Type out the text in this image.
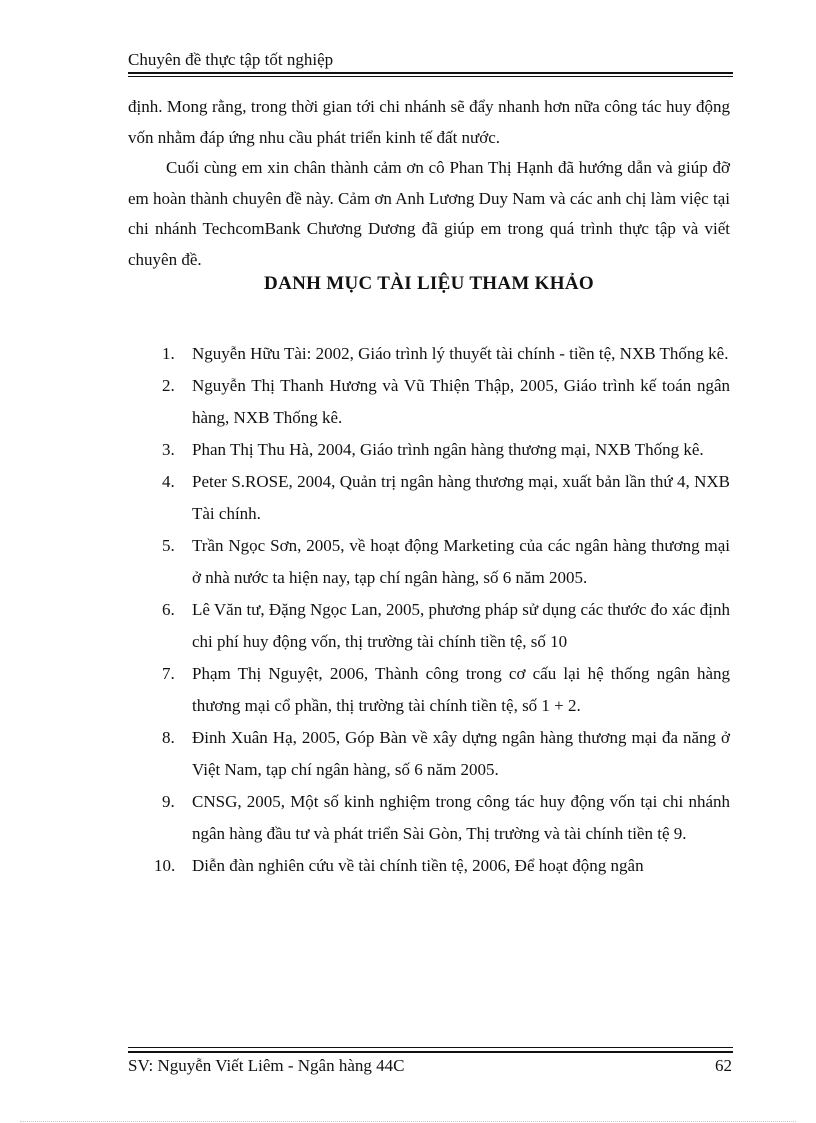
Chuyên đề thực tập tốt nghiệp

định. Mong rằng, trong thời gian tới chi nhánh sẽ đẩy nhanh hơn nữa công tác huy động vốn nhằm đáp ứng nhu cầu phát triển kinh tế đất nước.

Cuối cùng em xin chân thành cảm ơn cô Phan Thị Hạnh đã hướng dẫn và giúp đỡ em hoàn thành chuyên đề này. Cảm ơn Anh Lương Duy Nam và các anh chị làm việc tại chi nhánh TechcomBank Chương Dương đã giúp em trong quá trình thực tập và viết chuyên đề.

DANH MỤC TÀI LIỆU THAM KHẢO
1. Nguyễn Hữu Tài: 2002, Giáo trình lý thuyết tài chính - tiền tệ, NXB Thống kê.
2. Nguyễn Thị Thanh Hương và Vũ Thiện Thập, 2005, Giáo trình kế toán ngân hàng, NXB Thống kê.
3. Phan Thị Thu Hà, 2004, Giáo trình ngân hàng thương mại, NXB Thống kê.
4. Peter S.ROSE, 2004, Quản trị ngân hàng thương mại, xuất bản lần thứ 4, NXB Tài chính.
5. Trần Ngọc Sơn, 2005, về hoạt động Marketing của các ngân hàng thương mại ở nhà nước ta hiện nay, tạp chí ngân hàng, số 6 năm 2005.
6. Lê Văn tư, Đặng Ngọc Lan, 2005, phương pháp sử dụng các thước đo xác định chi phí huy động vốn, thị trường tài chính tiền tệ, số 10
7. Phạm Thị Nguyệt, 2006, Thành công trong cơ cấu lại hệ thống ngân hàng thương mại cổ phần, thị trường tài chính tiền tệ, số 1 + 2.
8. Đinh Xuân Hạ, 2005, Góp Bàn về xây dựng ngân hàng thương mại đa năng ở Việt Nam, tạp chí ngân hàng, số 6 năm 2005.
9. CNSG, 2005, Một số kinh nghiệm trong công tác huy động vốn tại chi nhánh ngân hàng đầu tư và phát triển Sài Gòn, Thị trường và tài chính tiền tệ 9.
10. Diễn đàn nghiên cứu về tài chính tiền tệ, 2006, Để hoạt động ngân
SV: Nguyễn Viết Liêm - Ngân hàng 44C	62
